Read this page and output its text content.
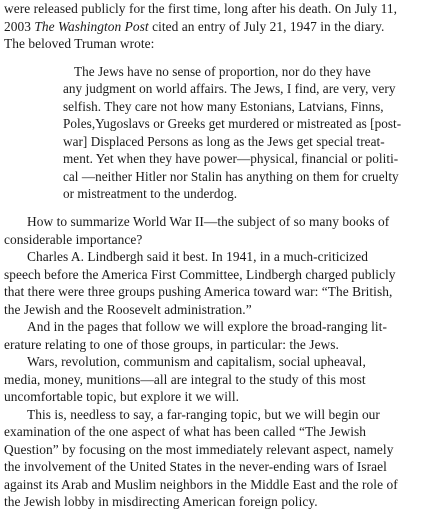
were released publicly for the first time, long after his death. On July 11,
2003 The Washington Post cited an entry of July 21, 1947 in the diary.
The beloved Truman wrote:
The Jews have no sense of proportion, nor do they have
any judgment on world affairs. The Jews, I find, are very, very
selfish. They care not how many Estonians, Latvians, Finns,
Poles,Yugoslavs or Greeks get murdered or mistreated as [post-
war] Displaced Persons as long as the Jews get special treat-
ment. Yet when they have power—physical, financial or politi-
cal —neither Hitler nor Stalin has anything on them for cruelty
or mistreatment to the underdog.
How to summarize World War II—the subject of so many books of
considerable importance?
Charles A. Lindbergh said it best. In 1941, in a much-criticized
speech before the America First Committee, Lindbergh charged publicly
that there were three groups pushing America toward war: “The British,
the Jewish and the Roosevelt administration.”
And in the pages that follow we will explore the broad-ranging lit-
erature relating to one of those groups, in particular: the Jews.
Wars, revolution, communism and capitalism, social upheaval,
media, money, munitions—all are integral to the study of this most
uncomfortable topic, but explore it we will.
This is, needless to say, a far-ranging topic, but we will begin our
examination of the one aspect of what has been called “The Jewish
Question” by focusing on the most immediately relevant aspect, namely
the involvement of the United States in the never-ending wars of Israel
against its Arab and Muslim neighbors in the Middle East and the role of
the Jewish lobby in misdirecting American foreign policy.
